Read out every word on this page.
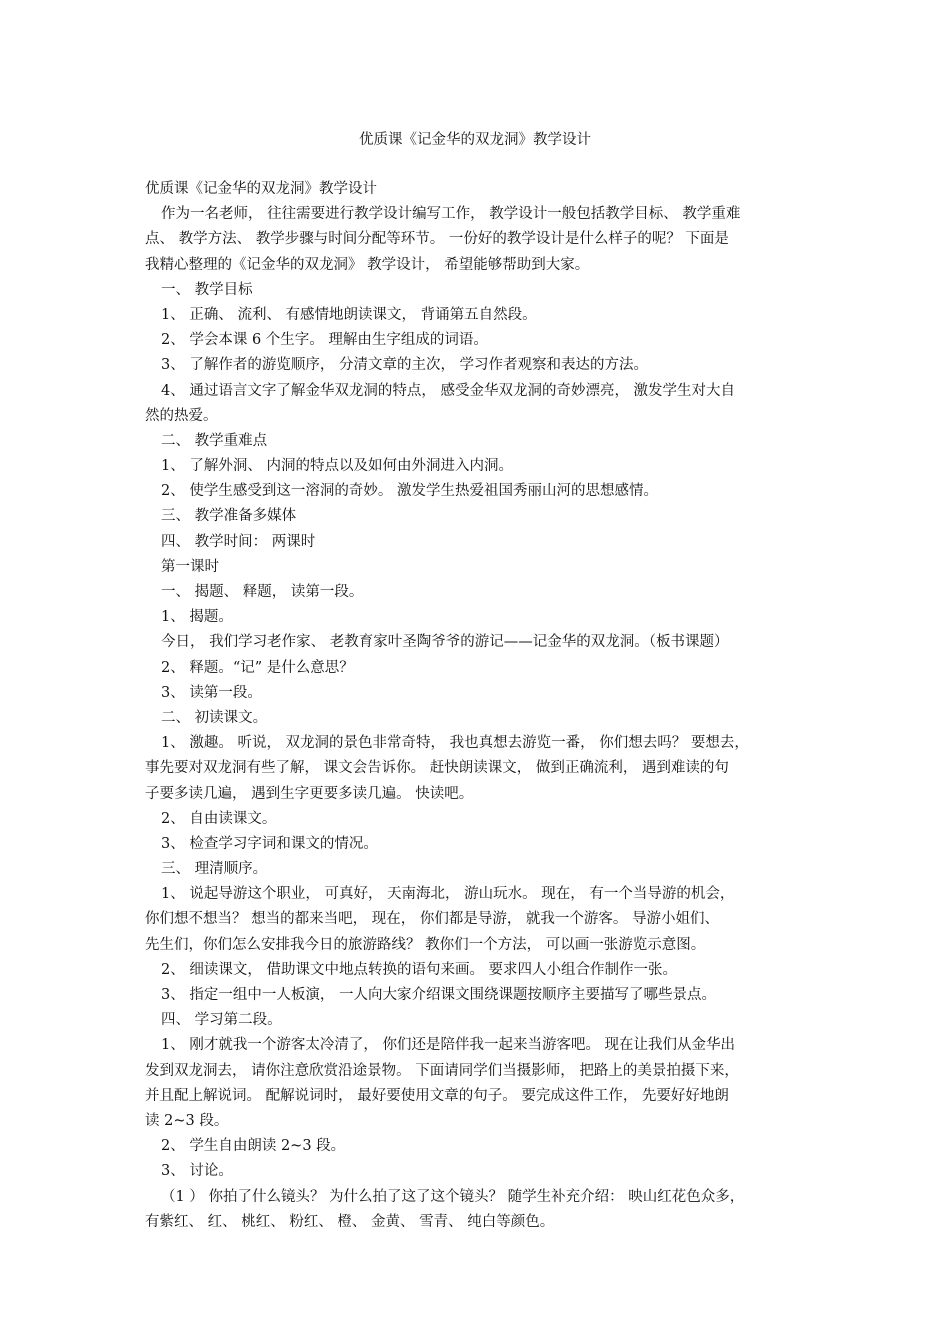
优质课《记金华的双龙洞》教学设计
优质课《记金华的双龙洞》教学设计
作为一名老师， 往往需要进行教学设计编写工作， 教学设计一般包括教学目标、 教学重难
点、 教学方法、 教学步骤与时间分配等环节。 一份好的教学设计是什么样子的呢？ 下面是
我精心整理的《记金华的双龙洞》 教学设计， 希望能够帮助到大家。
一、 教学目标
1、 正确、 流利、 有感情地朗读课文， 背诵第五自然段。
2、 学会本课 6 个生字。 理解由生字组成的词语。
3、 了解作者的游览顺序， 分清文章的主次， 学习作者观察和表达的方法。
4、 通过语言文字了解金华双龙洞的特点， 感受金华双龙洞的奇妙漂亮， 激发学生对大自
然的热爱。
二、 教学重难点
1、 了解外洞、 内洞的特点以及如何由外洞进入内洞。
2、 使学生感受到这一溶洞的奇妙。 激发学生热爱祖国秀丽山河的思想感情。
三、 教学准备多媒体
四、 教学时间： 两课时
第一课时
一、 揭题、 释题， 读第一段。
1、 揭题。
今日， 我们学习老作家、 老教育家叶圣陶爷爷的游记——记金华的双龙洞。（板书课题）
2、 释题。“记” 是什么意思？
3、 读第一段。
二、 初读课文。
1、 激趣。 听说， 双龙洞的景色非常奇特， 我也真想去游览一番， 你们想去吗？ 要想去，
事先要对双龙洞有些了解， 课文会告诉你。 赶快朗读课文， 做到正确流利， 遇到难读的句
子要多读几遍， 遇到生字更要多读几遍。 快读吧。
2、 自由读课文。
3、 检查学习字词和课文的情况。
三、 理清顺序。
1、 说起导游这个职业， 可真好， 天南海北， 游山玩水。 现在， 有一个当导游的机会，
你们想不想当？ 想当的都来当吧， 现在， 你们都是导游， 就我一个游客。 导游小姐们、
先生们，你们怎么安排我今日的旅游路线？ 教你们一个方法， 可以画一张游览示意图。
2、 细读课文， 借助课文中地点转换的语句来画。 要求四人小组合作制作一张。
3、 指定一组中一人板演， 一人向大家介绍课文围绕课题按顺序主要描写了哪些景点。
四、 学习第二段。
1、 刚才就我一个游客太冷清了， 你们还是陪伴我一起来当游客吧。 现在让我们从金华出
发到双龙洞去， 请你注意欣赏沿途景物。 下面请同学们当摄影师， 把路上的美景拍摄下来，
并且配上解说词。 配解说词时， 最好要使用文章的句子。 要完成这件工作， 先要好好地朗
读 2~3 段。
2、 学生自由朗读 2~3 段。
3、 讨论。
（1 ） 你拍了什么镜头？ 为什么拍了这了这个镜头？ 随学生补充介绍： 映山红花色众多，
有紫红、 红、 桃红、 粉红、 橙、 金黄、 雪青、 纯白等颜色。
